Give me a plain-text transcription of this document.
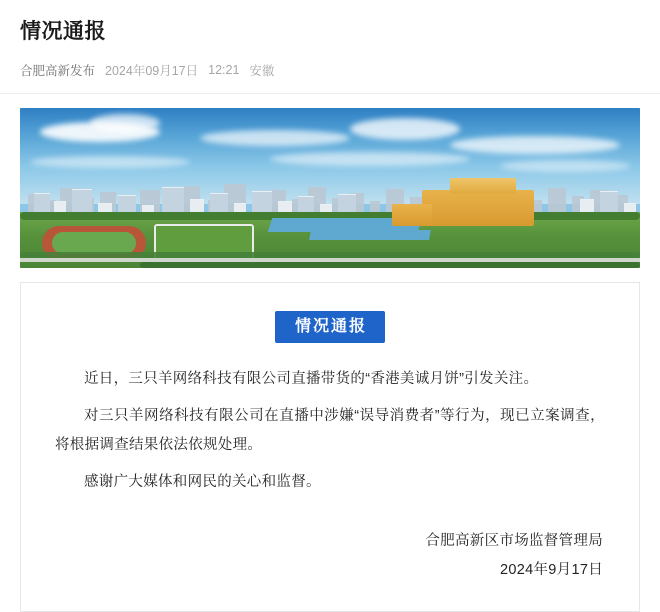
情况通报
合肥高新发布 2024年09月17日 12:21 安徽
情况通报

近日，三只羊网络科技有限公司直播带货的“香港美诚月饼”引发关注。

对三只羊网络科技有限公司在直播中涉嫌“误导消费者”等行为，现已立案调查，将根据调查结果依法依规处理。

感谢广大媒体和网民的关心和监督。

合肥高新区市场监督管理局
2024年9月17日
